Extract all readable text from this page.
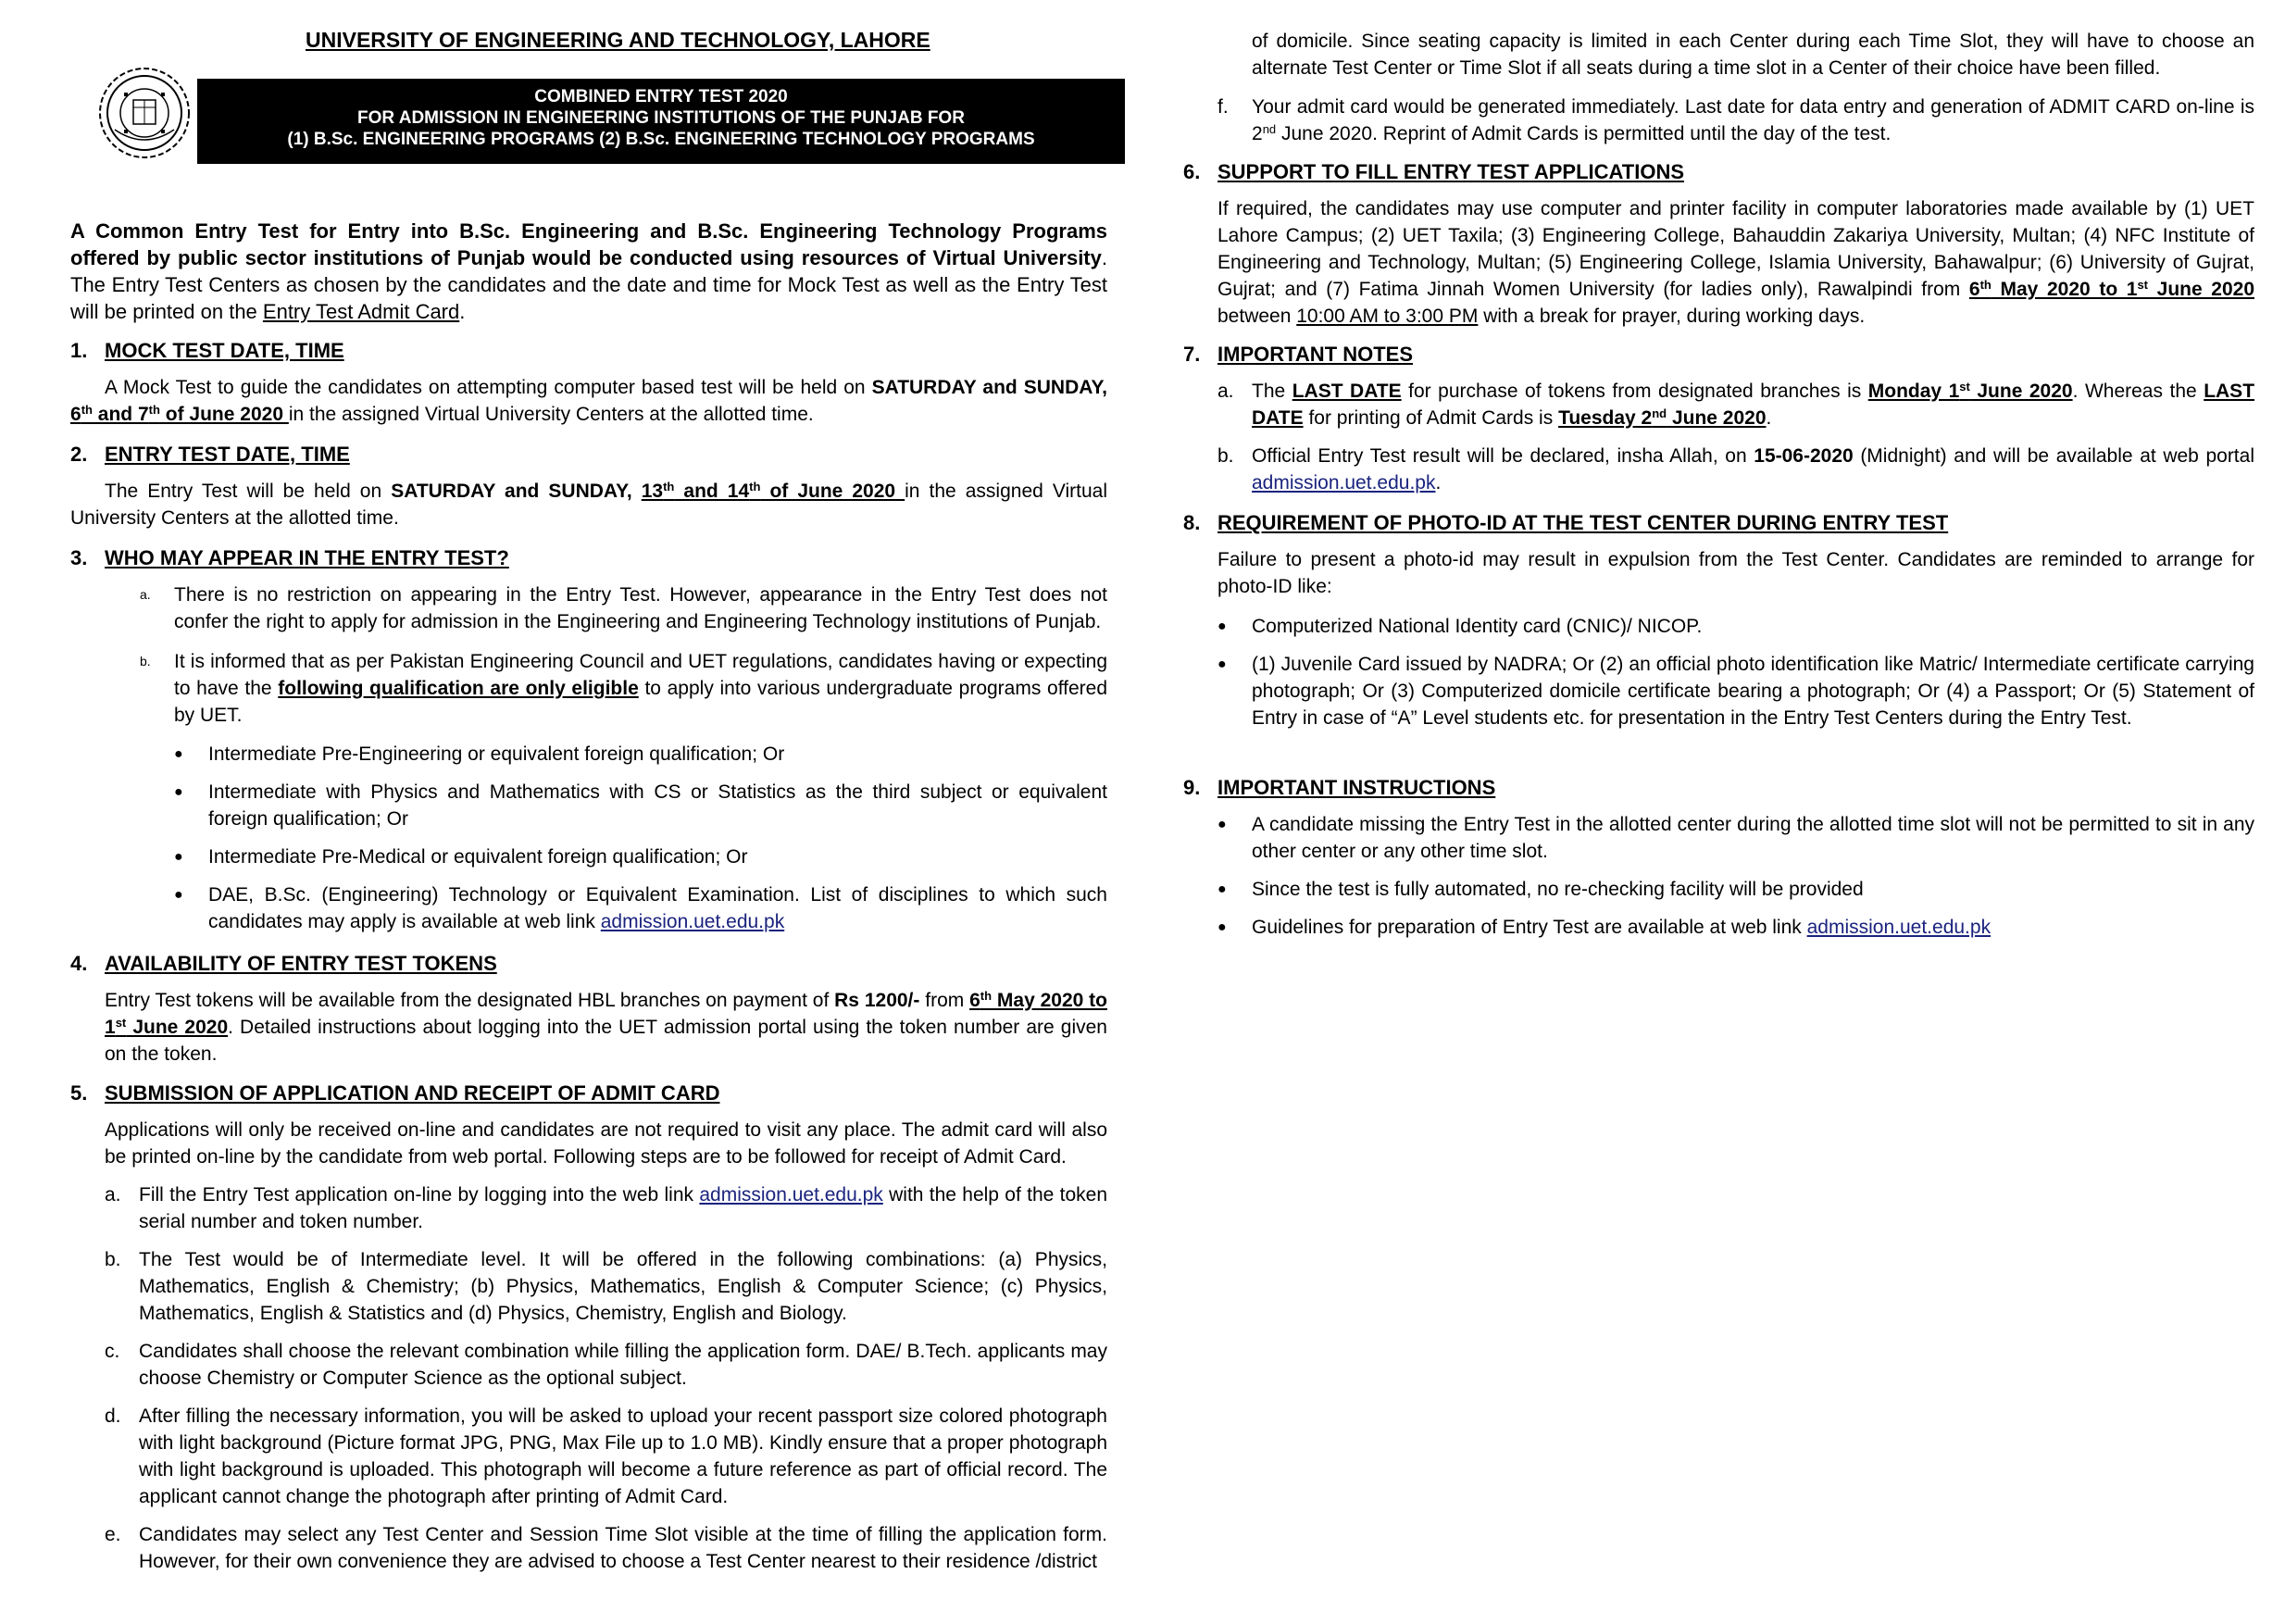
UNIVERSITY OF ENGINEERING AND TECHNOLOGY, LAHORE
COMBINED ENTRY TEST 2020
FOR ADMISSION IN ENGINEERING INSTITUTIONS OF THE PUNJAB FOR
(1) B.Sc. ENGINEERING PROGRAMS (2) B.Sc. ENGINEERING TECHNOLOGY PROGRAMS

A Common Entry Test for Entry into B.Sc. Engineering and B.Sc. Engineering Technology Programs offered by public sector institutions of Punjab would be conducted using resources of Virtual University. The Entry Test Centers as chosen by the candidates and the date and time for Mock Test as well as the Entry Test will be printed on the Entry Test Admit Card.

1. MOCK TEST DATE, TIME

A Mock Test to guide the candidates on attempting computer based test will be held on SATURDAY and SUNDAY, 6th and 7th of June 2020 in the assigned Virtual University Centers at the allotted time.

2. ENTRY TEST DATE, TIME

The Entry Test will be held on SATURDAY and SUNDAY, 13th and 14th of June 2020 in the assigned Virtual University Centers at the allotted time.

3. WHO MAY APPEAR IN THE ENTRY TEST?
a.	There is no restriction on appearing in the Entry Test. However, appearance in the Entry Test does not confer the right to apply for admission in the Engineering and Engineering Technology institutions of Punjab.
b.	It is informed that as per Pakistan Engineering Council and UET regulations, candidates having or expecting to have the following qualification are only eligible to apply into various undergraduate programs offered by UET.
●	Intermediate Pre-Engineering or equivalent foreign qualification; Or
●	Intermediate with Physics and Mathematics with CS or Statistics as the third subject or equivalent foreign qualification; Or
●	Intermediate Pre-Medical or equivalent foreign qualification; Or
●	DAE, B.Sc. (Engineering) Technology or Equivalent Examination. List of disciplines to which such candidates may apply is available at web link admission.uet.edu.pk
4. AVAILABILITY OF ENTRY TEST TOKENS

Entry Test tokens will be available from the designated HBL branches on payment of Rs 1200/- from 6th May 2020 to 1st June 2020. Detailed instructions about logging into the UET admission portal using the token number are given on the token.

5. SUBMISSION OF APPLICATION AND RECEIPT OF ADMIT CARD

Applications will only be received on-line and candidates are not required to visit any place. The admit card will also be printed on-line by the candidate from web portal. Following steps are to be followed for receipt of Admit Card.

a. Fill the Entry Test application on-line by logging into the web link admission.uet.edu.pk with the help of the token serial number and token number.
b. The Test would be of Intermediate level. It will be offered in the following combinations: (a) Physics, Mathematics, English & Chemistry; (b) Physics, Mathematics, English & Computer Science; (c) Physics, Mathematics, English & Statistics and (d) Physics, Chemistry, English and Biology.
c. Candidates shall choose the relevant combination while filling the application form. DAE/ B.Tech. applicants may choose Chemistry or Computer Science as the optional subject.
d. After filling the necessary information, you will be asked to upload your recent passport size colored photograph with light background (Picture format JPG, PNG, Max File up to 1.0 MB). Kindly ensure that a proper photograph with light background is uploaded. This photograph will become a future reference as part of official record. The applicant cannot change the photograph after printing of Admit Card.
e. Candidates may select any Test Center and Session Time Slot visible at the time of filling the application form. However, for their own convenience they are advised to choose a Test Center nearest to their residence /district

of domicile. Since seating capacity is limited in each Center during each Time Slot, they will have to choose an alternate Test Center or Time Slot if all seats during a time slot in a Center of their choice have been filled.

f.	Your admit card would be generated immediately. Last date for data entry and generation of ADMIT CARD on-line is 2nd June 2020. Reprint of Admit Cards is permitted until the day of the test.
6. SUPPORT TO FILL ENTRY TEST APPLICATIONS

If required, the candidates may use computer and printer facility in computer laboratories made available by (1) UET Lahore Campus; (2) UET Taxila; (3) Engineering College, Bahauddin Zakariya University, Multan; (4) NFC Institute of Engineering and Technology, Multan; (5) Engineering College, Islamia University, Bahawalpur; (6) University of Gujrat, Gujrat; and (7) Fatima Jinnah Women University (for ladies only), Rawalpindi from 6th May 2020 to 1st June 2020 between 10:00 AM to 3:00 PM with a break for prayer, during working days.

7. IMPORTANT NOTES
a. The LAST DATE for purchase of tokens from designated branches is Monday 1st June 2020. Whereas the LAST DATE for printing of Admit Cards is Tuesday 2nd June 2020.
b. Official Entry Test result will be declared, insha Allah, on 15-06-2020 (Midnight) and will be available at web portal admission.uet.edu.pk.
8. REQUIREMENT OF PHOTO-ID AT THE TEST CENTER DURING ENTRY TEST

Failure to present a photo-id may result in expulsion from the Test Center. Candidates are reminded to arrange for photo-ID like:

●	Computerized National Identity card (CNIC)/ NICOP.
●	(1) Juvenile Card issued by NADRA; Or (2) an official photo identification like Matric/ Intermediate certificate carrying photograph; Or (3) Computerized domicile certificate bearing a photograph; Or (4) a Passport; Or (5) Statement of Entry in case of “A” Level students etc. for presentation in the Entry Test Centers during the Entry Test.
9. IMPORTANT INSTRUCTIONS
●	A candidate missing the Entry Test in the allotted center during the allotted time slot will not be permitted to sit in any other center or any other time slot.
●	Since the test is fully automated, no re-checking facility will be provided
●	Guidelines for preparation of Entry Test are available at web link admission.uet.edu.pk
